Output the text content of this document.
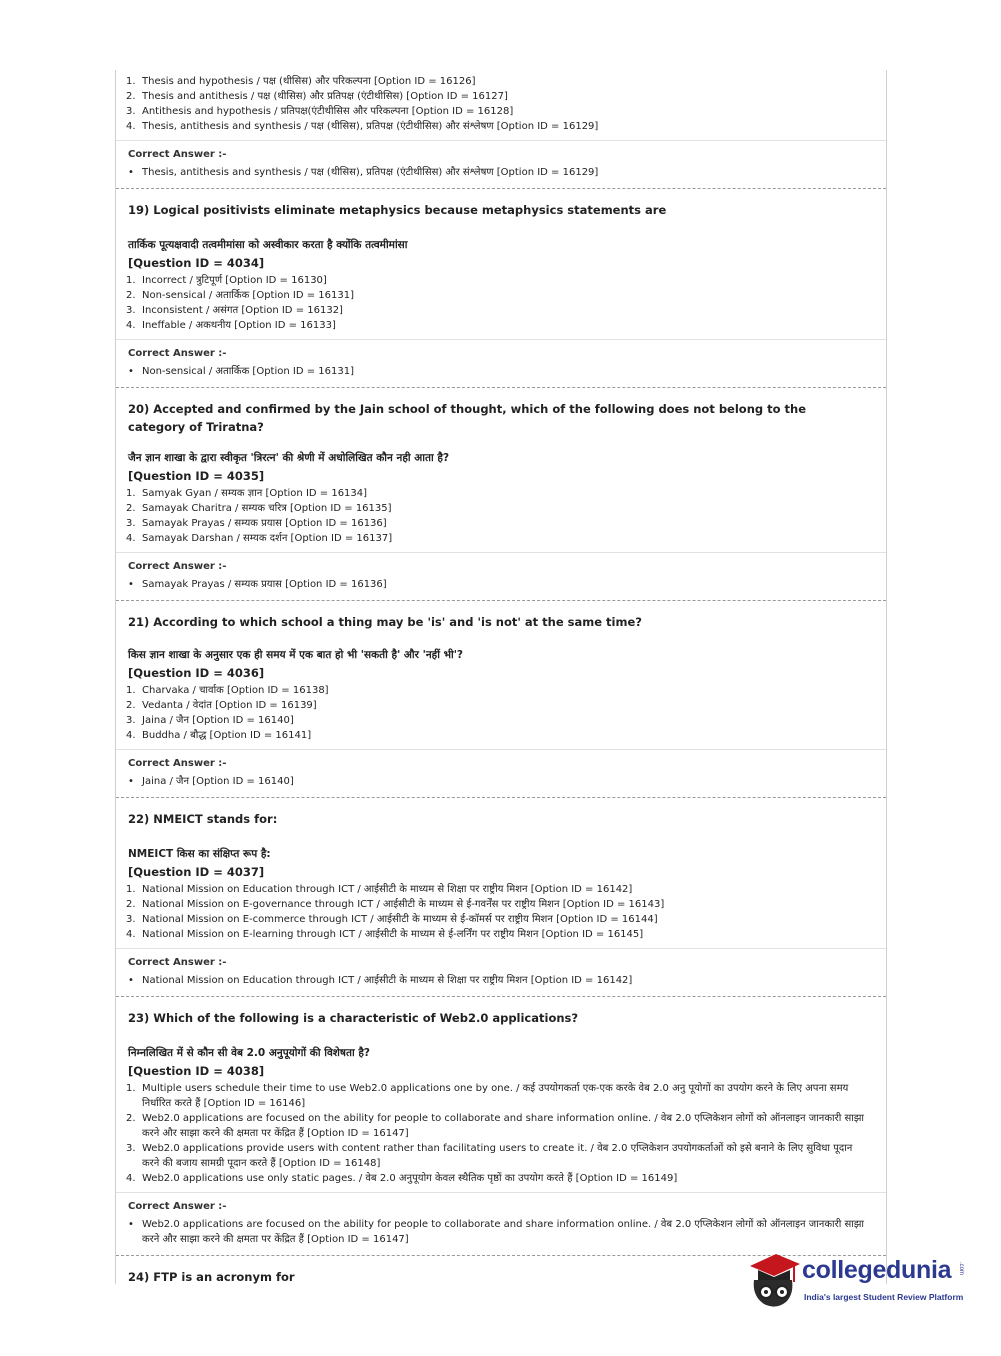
1. Thesis and hypothesis / पक्ष (थीसिस) और परिकल्पना [Option ID = 16126]
2. Thesis and antithesis / पक्ष (थीसिस) और प्रतिपक्ष (एंटीथीसिस) [Option ID = 16127]
3. Antithesis and hypothesis / प्रतिपक्ष(एंटीथीसिस और परिकल्पना [Option ID = 16128]
4. Thesis, antithesis and synthesis / पक्ष (थीसिस), प्रतिपक्ष (एंटीथीसिस) और संश्लेषण [Option ID = 16129]
Correct Answer :-
• Thesis, antithesis and synthesis / पक्ष (थीसिस), प्रतिपक्ष (एंटीथीसिस) और संश्लेषण [Option ID = 16129]
19) Logical positivists eliminate metaphysics because metaphysics statements are
तार्किक पूत्यक्षवादी तत्वमीमांसा को अस्वीकार करता है क्योंकि तत्वमीमांसा
[Question ID = 4034]
1. Incorrect / त्रुटिपूर्ण [Option ID = 16130]
2. Non-sensical / अतार्किक [Option ID = 16131]
3. Inconsistent / असंगत [Option ID = 16132]
4. Ineffable / अकथनीय [Option ID = 16133]
Correct Answer :-
• Non-sensical / अतार्किक [Option ID = 16131]
20) Accepted and confirmed by the Jain school of thought, which of the following does not belong to the category of Triratna?
जैन ज्ञान शाखा के द्वारा स्वीकृत 'त्रिरत्न' की श्रेणी में अधोलिखित कौन नही आता है?
[Question ID = 4035]
1. Samyak Gyan / सम्यक ज्ञान [Option ID = 16134]
2. Samayak Charitra / सम्यक चरित्र [Option ID = 16135]
3. Samayak Prayas / सम्यक प्रयास [Option ID = 16136]
4. Samayak Darshan / सम्यक दर्शन [Option ID = 16137]
Correct Answer :-
• Samayak Prayas / सम्यक प्रयास [Option ID = 16136]
21) According to which school a thing may be 'is' and 'is not' at the same time?
किस ज्ञान शाखा के अनुसार एक ही समय में एक बात हो भी 'सकती है' और 'नहीं भी'?
[Question ID = 4036]
1. Charvaka / चार्वाक [Option ID = 16138]
2. Vedanta / वेदांत [Option ID = 16139]
3. Jaina / जैन [Option ID = 16140]
4. Buddha / बौद्ध [Option ID = 16141]
Correct Answer :-
• Jaina / जैन [Option ID = 16140]
22) NMEICT stands for:
NMEICT किस का संक्षिप्त रूप है:
[Question ID = 4037]
1. National Mission on Education through ICT / आईसीटी के माध्यम से शिक्षा पर राष्ट्रीय मिशन [Option ID = 16142]
2. National Mission on E-governance through ICT / आईसीटी के माध्यम से ई-गवर्नेंस पर राष्ट्रीय मिशन [Option ID = 16143]
3. National Mission on E-commerce through ICT / आईसीटी के माध्यम से ई-कॉमर्स पर राष्ट्रीय मिशन [Option ID = 16144]
4. National Mission on E-learning through ICT / आईसीटी के माध्यम से ई-लर्निंग पर राष्ट्रीय मिशन [Option ID = 16145]
Correct Answer :-
• National Mission on Education through ICT / आईसीटी के माध्यम से शिक्षा पर राष्ट्रीय मिशन [Option ID = 16142]
23) Which of the following is a characteristic of Web2.0 applications?
निम्नलिखित में से कौन सी वेब 2.0 अनुपूयोगों की विशेषता है?
[Question ID = 4038]
1. Multiple users schedule their time to use Web2.0 applications one by one. / कई उपयोगकर्ता एक-एक करके वेब 2.0 अनु पूयोगों का उपयोग करने के लिए अपना समय निर्धारित करते हैं [Option ID = 16146]
2. Web2.0 applications are focused on the ability for people to collaborate and share information online. / वेब 2.0 एप्लिकेशन लोगों को ऑनलाइन जानकारी साझा करने और साझा करने की क्षमता पर केंद्रित हैं [Option ID = 16147]
3. Web2.0 applications provide users with content rather than facilitating users to create it. / वेब 2.0 एप्लिकेशन उपयोगकर्ताओं को इसे बनाने के लिए सुविधा पूदान करने की बजाय सामग्री पूदान करते हैं [Option ID = 16148]
4. Web2.0 applications use only static pages. / वेब 2.0 अनुपूयोग केवल स्थैतिक पृष्ठों का उपयोग करते हैं [Option ID = 16149]
Correct Answer :-
• Web2.0 applications are focused on the ability for people to collaborate and share information online. / वेब 2.0 एप्लिकेशन लोगों को ऑनलाइन जानकारी साझा करने और साझा करने की क्षमता पर केंद्रित हैं [Option ID = 16147]
24) FTP is an acronym for	collegedunia .com
India's largest Student Review Platform
